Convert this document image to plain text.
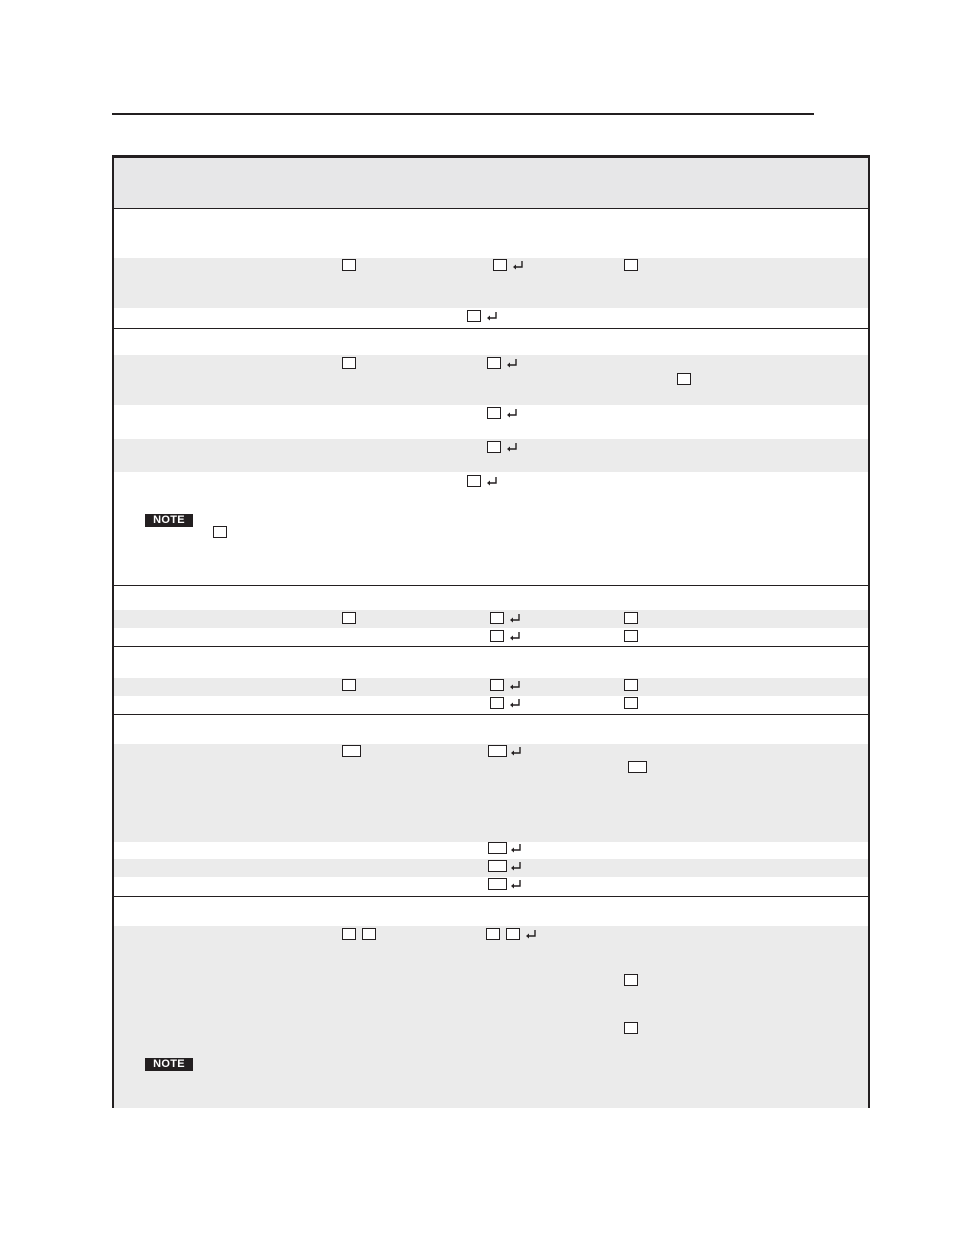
NOTE
NOTE
